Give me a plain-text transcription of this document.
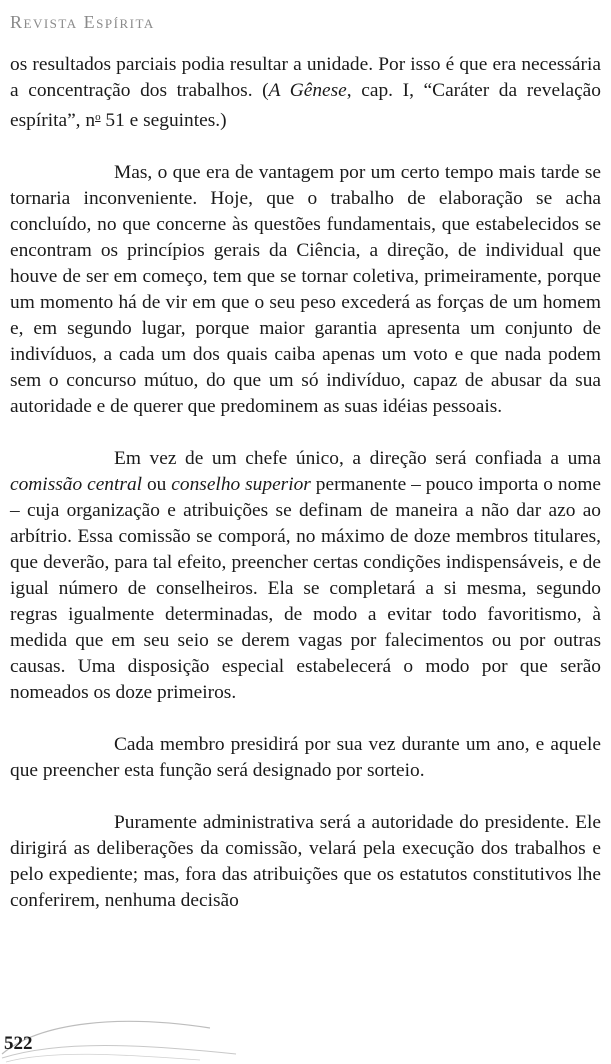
Revista Espírita

os resultados parciais podia resultar a unidade. Por isso é que era necessária a concentração dos trabalhos. (A Gênese, cap. I, “Caráter da revelação espírita”, $n^o$ 51 e seguintes.)

Mas, o que era de vantagem por um certo tempo mais tarde se tornaria inconveniente. Hoje, que o trabalho de elaboração se acha concluído, no que concerne às questões fundamentais, que estabelecidos se encontram os princípios gerais da Ciência, a direção, de individual que houve de ser em começo, tem que se tornar coletiva, primeiramente, porque um momento há de vir em que o seu peso excederá as forças de um homem e, em segundo lugar, porque maior garantia apresenta um conjunto de indivíduos, a cada um dos quais caiba apenas um voto e que nada podem sem o concurso mútuo, do que um só indivíduo, capaz de abusar da sua autoridade e de querer que predominem as suas idéias pessoais.

Em vez de um chefe único, a direção será confiada a uma comissão central ou conselho superior permanente – pouco importa o nome – cuja organização e atribuições se definam de maneira a não dar azo ao arbítrio. Essa comissão se comporá, no máximo de doze membros titulares, que deverão, para tal efeito, preencher certas condições indispensáveis, e de igual número de conselheiros. Ela se completará a si mesma, segundo regras igualmente determinadas, de modo a evitar todo favoritismo, à medida que em seu seio se derem vagas por falecimentos ou por outras causas. Uma disposição especial estabelecerá o modo por que serão nomeados os doze primeiros.

Cada membro presidirá por sua vez durante um ano, e aquele que preencher esta função será designado por sorteio.

Puramente administrativa será a autoridade do presidente. Ele dirigirá as deliberações da comissão, velará pela execução dos trabalhos e pelo expediente; mas, fora das atribuições que os estatutos constitutivos lhe conferirem, nenhuma decisão

522
